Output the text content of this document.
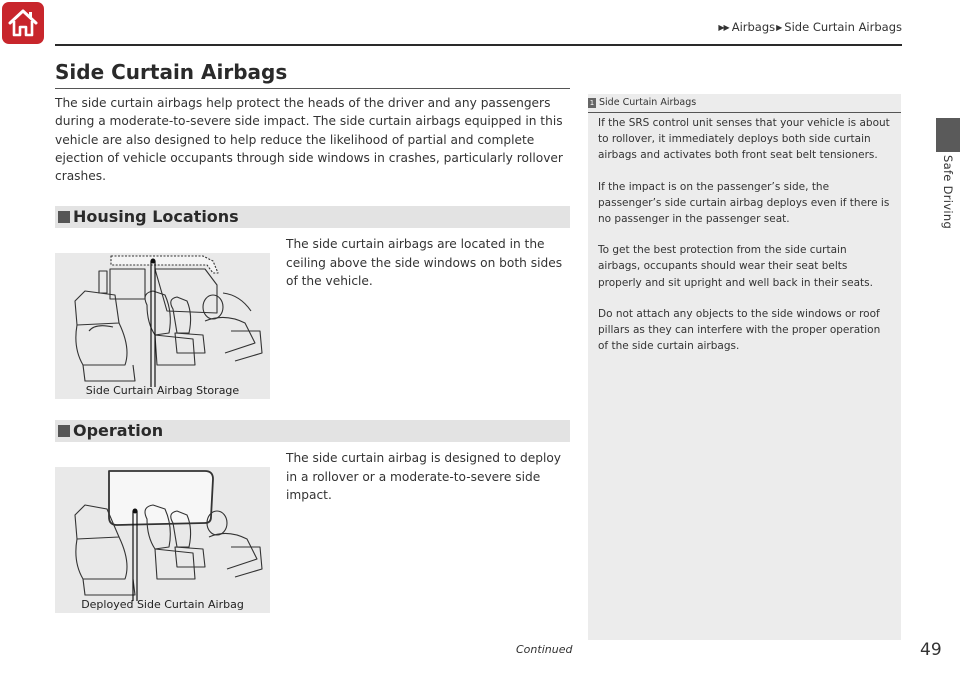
▶▶ Airbags ▶ Side Curtain Airbags
Safe Driving
Side Curtain Airbags

The side curtain airbags help protect the heads of the driver and any passengers during a moderate-to-severe side impact. The side curtain airbags equipped in this vehicle are also designed to help reduce the likelihood of partial and complete ejection of vehicle occupants through side windows in crashes, particularly rollover crashes.

Housing Locations
Side Curtain Airbag Storage

The side curtain airbags are located in the ceiling above the side windows on both sides of the vehicle.

Operation
Deployed Side Curtain Airbag

The side curtain airbag is designed to deploy in a rollover or a moderate-to-severe side impact.

1 Side Curtain Airbags

If the SRS control unit senses that your vehicle is about to rollover, it immediately deploys both side curtain airbags and activates both front seat belt tensioners.

If the impact is on the passenger’s side, the passenger’s side curtain airbag deploys even if there is no passenger in the passenger seat.

To get the best protection from the side curtain airbags, occupants should wear their seat belts properly and sit upright and well back in their seats.

Do not attach any objects to the side windows or roof pillars as they can interfere with the proper operation of the side curtain airbags.

Continued	49
